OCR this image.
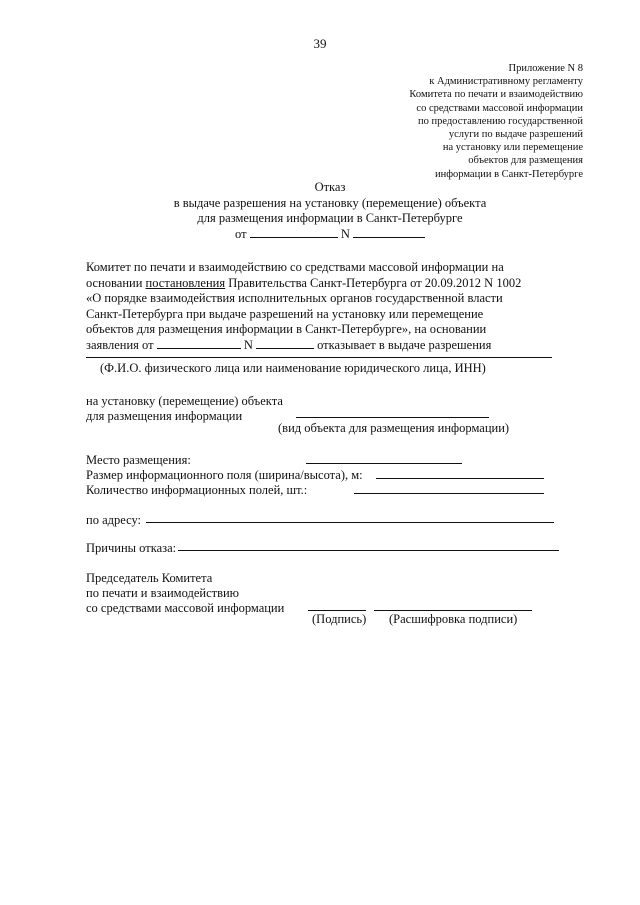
39
Приложение N 8
к Административному регламенту
Комитета по печати и взаимодействию
со средствами массовой информации
по предоставлению государственной
услуги по выдаче разрешений
на установку или перемещение
объектов для размещения
информации в Санкт-Петербурге
Отказ
в выдаче разрешения на установку (перемещение) объекта
для размещения информации в Санкт-Петербурге
от	N
Комитет по печати и взаимодействию со средствами массовой информации на
основании постановления Правительства Санкт-Петербурга от 20.09.2012 N 1002
«О порядке взаимодействия исполнительных органов государственной власти
Санкт-Петербурга при выдаче разрешений на установку или перемещение
объектов для размещения информации в Санкт-Петербурге», на основании
заявления от	N	отказывает в выдаче разрешения
(Ф.И.О. физического лица или наименование юридического лица, ИНН)
на установку (перемещение) объекта
для размещения информации
(вид объекта для размещения информации)
Место размещения:
Размер информационного поля (ширина/высота), м:
Количество информационных полей, шт.:
по адресу:
Причины отказа:
Председатель Комитета
по печати и взаимодействию
со средствами массовой информации
(Подпись) (Расшифровка подписи)
